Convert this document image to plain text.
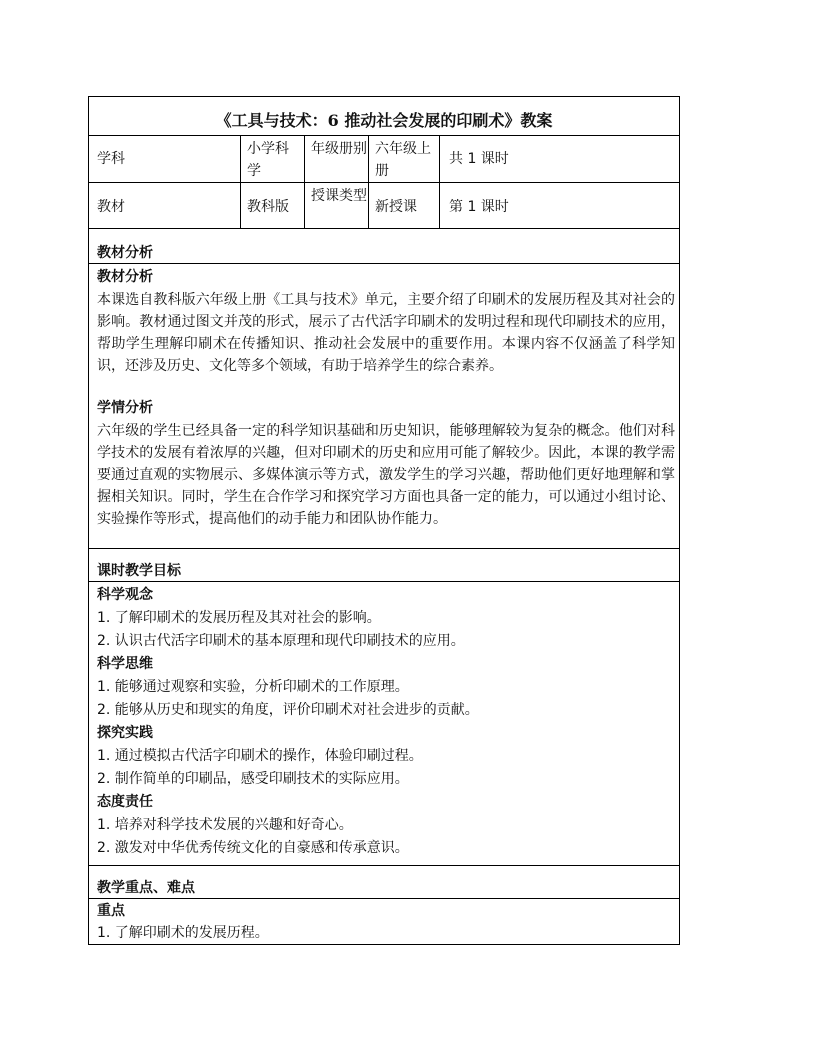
《工具与技术：6 推动社会发展的印刷术》教案
学科
小学科学
年级册别 六年级上册
共 1 课时
教材	教科版
授课类型
新授课	第 1 课时
教材分析
教材分析
本课选自教科版六年级上册《工具与技术》单元，主要介绍了印刷术的发展历程及其对社会的影响。教材通过图文并茂的形式，展示了古代活字印刷术的发明过程和现代印刷技术的应用，帮助学生理解印刷术在传播知识、推动社会发展中的重要作用。本课内容不仅涵盖了科学知识，还涉及历史、文化等多个领域，有助于培养学生的综合素养。
学情分析
六年级的学生已经具备一定的科学知识基础和历史知识，能够理解较为复杂的概念。他们对科学技术的发展有着浓厚的兴趣，但对印刷术的历史和应用可能了解较少。因此，本课的教学需要通过直观的实物展示、多媒体演示等方式，激发学生的学习兴趣，帮助他们更好地理解和掌握相关知识。同时，学生在合作学习和探究学习方面也具备一定的能力，可以通过小组讨论、实验操作等形式，提高他们的动手能力和团队协作能力。
课时教学目标
科学观念
1. 了解印刷术的发展历程及其对社会的影响。
2. 认识古代活字印刷术的基本原理和现代印刷技术的应用。
科学思维
1. 能够通过观察和实验，分析印刷术的工作原理。
2. 能够从历史和现实的角度，评价印刷术对社会进步的贡献。
探究实践
1. 通过模拟古代活字印刷术的操作，体验印刷过程。
2. 制作简单的印刷品，感受印刷技术的实际应用。
态度责任
1. 培养对科学技术发展的兴趣和好奇心。
2. 激发对中华优秀传统文化的自豪感和传承意识。
教学重点、难点
重点
1. 了解印刷术的发展历程。
